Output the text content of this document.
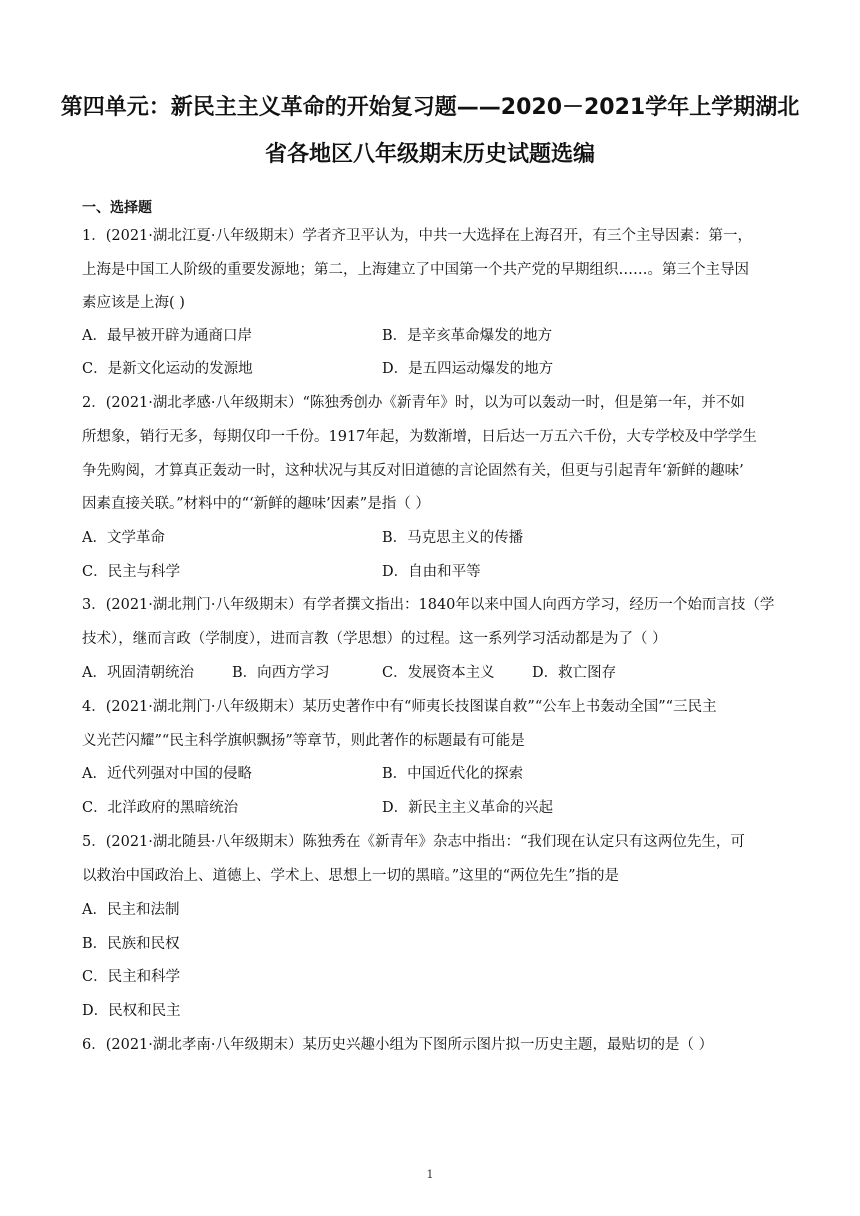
第四单元：新民主主义革命的开始复习题——2020－2021学年上学期湖北
省各地区八年级期末历史试题选编
一、选择题
1．(2021·湖北江夏·八年级期末）学者齐卫平认为，中共一大选择在上海召开，有三个主导因素：第一，
上海是中国工人阶级的重要发源地；第二，上海建立了中国第一个共产党的早期组织……。第三个主导因
素应该是上海( )
A．最早被开辟为通商口岸	B．是辛亥革命爆发的地方
C．是新文化运动的发源地	D．是五四运动爆发的地方
2．(2021·湖北孝感·八年级期末）“陈独秀创办《新青年》时，以为可以轰动一时，但是第一年，并不如
所想象，销行无多，每期仅印一千份。1917年起，为数渐增，日后达一万五六千份，大专学校及中学学生
争先购阅，才算真正轰动一时，这种状况与其反对旧道德的言论固然有关，但更与引起青年‘新鲜的趣味’
因素直接关联。”材料中的“‘新鲜的趣味’因素”是指（ ）
A．文学革命	B．马克思主义的传播
C．民主与科学	D．自由和平等
3．(2021·湖北荆门·八年级期末）有学者撰文指出：1840年以来中国人向西方学习，经历一个始而言技（学
技术），继而言政（学制度），进而言教（学思想）的过程。这一系列学习活动都是为了（ ）
A．巩固清朝统治	B．向西方学习	C．发展资本主义	D．救亡图存
4．(2021·湖北荆门·八年级期末）某历史著作中有“师夷长技图谋自救”“公车上书轰动全国”“三民主
义光芒闪耀”“民主科学旗帜飘扬”等章节，则此著作的标题最有可能是
A．近代列强对中国的侵略	B．中国近代化的探索
C．北洋政府的黑暗统治	D．新民主主义革命的兴起
5．(2021·湖北随县·八年级期末）陈独秀在《新青年》杂志中指出：“我们现在认定只有这两位先生，可
以救治中国政治上、道德上、学术上、思想上一切的黑暗。”这里的“两位先生”指的是
A．民主和法制
B．民族和民权
C．民主和科学
D．民权和民主
6．(2021·湖北孝南·八年级期末）某历史兴趣小组为下图所示图片拟一历史主题，最贴切的是（ ）
1
